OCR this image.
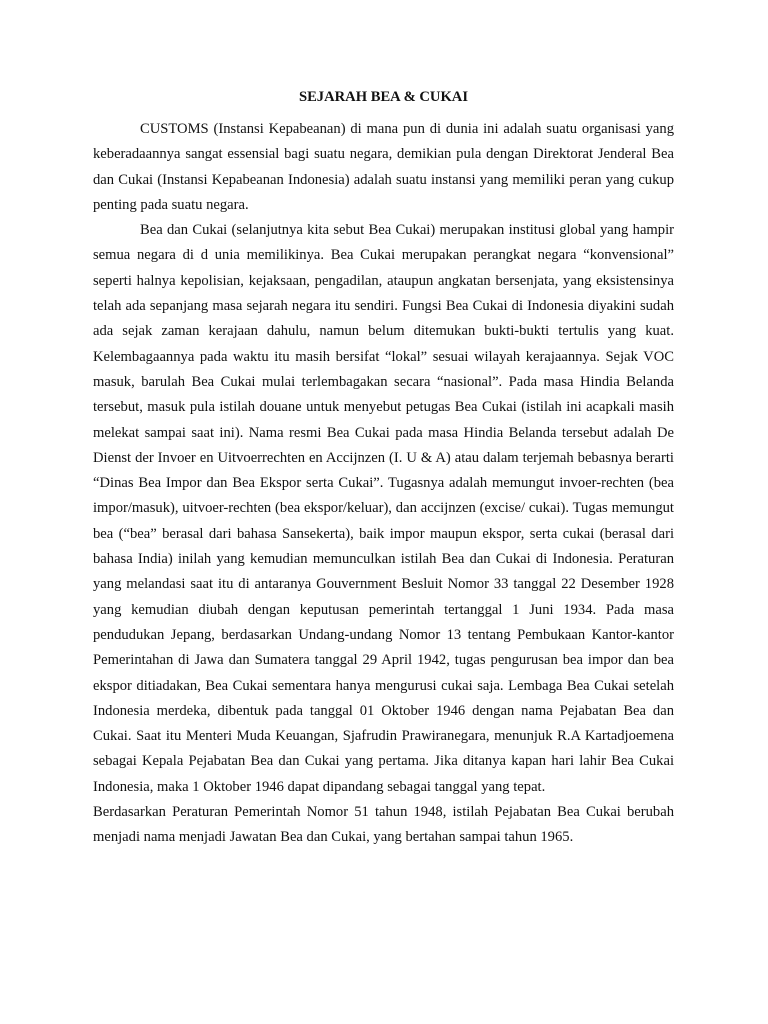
SEJARAH BEA & CUKAI

CUSTOMS (Instansi Kepabeanan) di mana pun di dunia ini adalah suatu organisasi yang keberadaannya sangat essensial bagi suatu negara, demikian pula dengan Direktorat Jenderal Bea dan Cukai (Instansi Kepabeanan Indonesia) adalah suatu instansi yang memiliki peran yang cukup penting pada suatu negara.

Bea dan Cukai (selanjutnya kita sebut Bea Cukai) merupakan institusi global yang hampir semua negara di d unia memilikinya. Bea Cukai merupakan perangkat negara “konvensional” seperti halnya kepolisian, kejaksaan, pengadilan, ataupun angkatan bersenjata, yang eksistensinya telah ada sepanjang masa sejarah negara itu sendiri. Fungsi Bea Cukai di Indonesia diyakini sudah ada sejak zaman kerajaan dahulu, namun belum ditemukan bukti-bukti tertulis yang kuat. Kelembagaannya pada waktu itu masih bersifat “lokal” sesuai wilayah kerajaannya. Sejak VOC masuk, barulah Bea Cukai mulai terlembagakan secara “nasional”. Pada masa Hindia Belanda tersebut, masuk pula istilah douane untuk menyebut petugas Bea Cukai (istilah ini acapkali masih melekat sampai saat ini). Nama resmi Bea Cukai pada masa Hindia Belanda tersebut adalah De Dienst der Invoer en Uitvoerrechten en Accijnzen (I. U & A) atau dalam terjemah bebasnya berarti “Dinas Bea Impor dan Bea Ekspor serta Cukai”. Tugasnya adalah memungut invoer-rechten (bea impor/masuk), uitvoer-rechten (bea ekspor/keluar), dan accijnzen (excise/ cukai). Tugas memungut bea (“bea” berasal dari bahasa Sansekerta), baik impor maupun ekspor, serta cukai (berasal dari bahasa India) inilah yang kemudian memunculkan istilah Bea dan Cukai di Indonesia. Peraturan yang melandasi saat itu di antaranya Gouvernment Besluit Nomor 33 tanggal 22 Desember 1928 yang kemudian diubah dengan keputusan pemerintah tertanggal 1 Juni 1934. Pada masa pendudukan Jepang, berdasarkan Undang-undang Nomor 13 tentang Pembukaan Kantor-kantor Pemerintahan di Jawa dan Sumatera tanggal 29 April 1942, tugas pengurusan bea impor dan bea ekspor ditiadakan, Bea Cukai sementara hanya mengurusi cukai saja. Lembaga Bea Cukai setelah Indonesia merdeka, dibentuk pada tanggal 01 Oktober 1946 dengan nama Pejabatan Bea dan Cukai. Saat itu Menteri Muda Keuangan, Sjafrudin Prawiranegara, menunjuk R.A Kartadjoemena sebagai Kepala Pejabatan Bea dan Cukai yang pertama. Jika ditanya kapan hari lahir Bea Cukai Indonesia, maka 1 Oktober 1946 dapat dipandang sebagai tanggal yang tepat.

Berdasarkan Peraturan Pemerintah Nomor 51 tahun 1948, istilah Pejabatan Bea Cukai berubah menjadi nama menjadi Jawatan Bea dan Cukai, yang bertahan sampai tahun 1965.
